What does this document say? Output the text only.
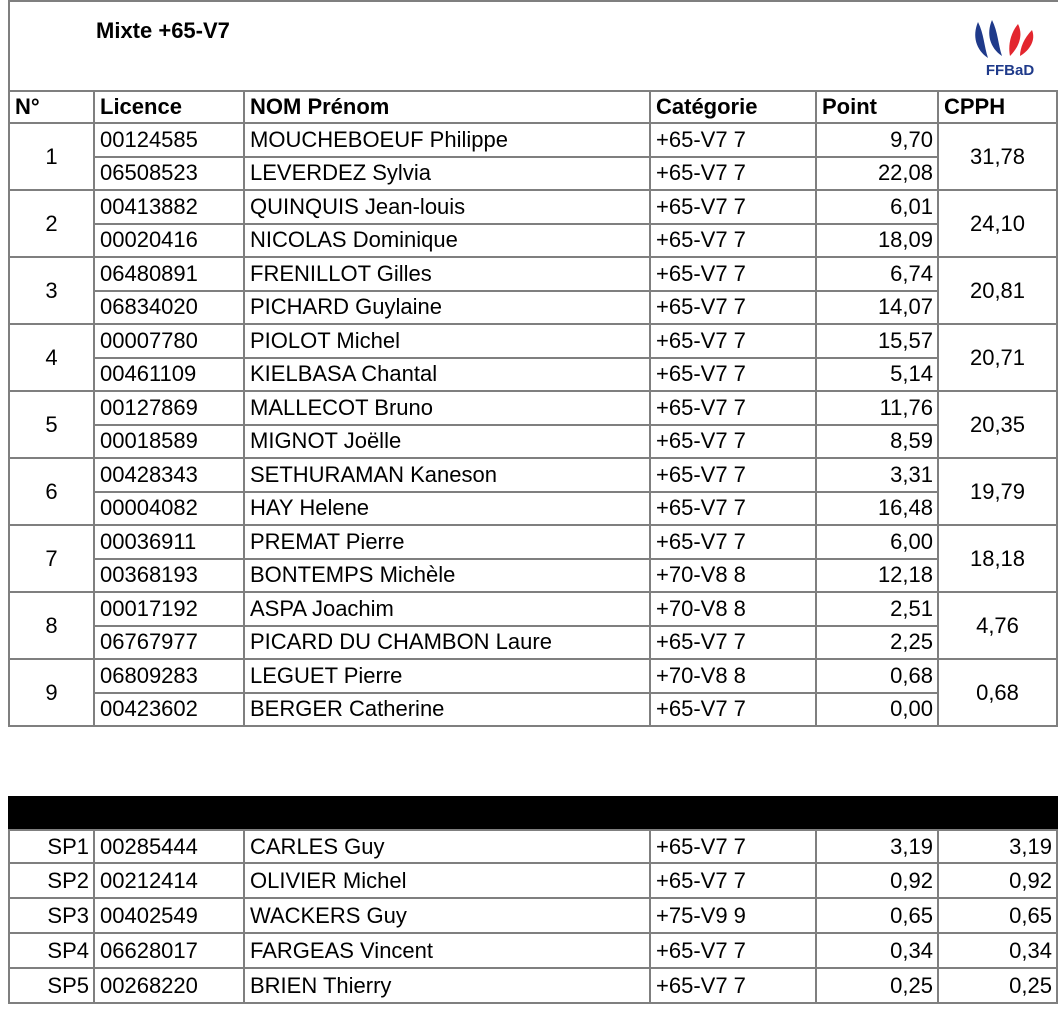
Mixte +65-V7
FFBaD
N°	Licence	NOM Prénom	Catégorie	Point	CPPH
1
00124585	MOUCHEBOEUF Philippe	+65-V7 7	9,70
06508523	LEVERDEZ Sylvia	+65-V7 7	22,08
31,78
2
00413882	QUINQUIS Jean-louis	+65-V7 7	6,01
00020416	NICOLAS Dominique	+65-V7 7	18,09
24,10
3
06480891	FRENILLOT Gilles	+65-V7 7	6,74
06834020	PICHARD Guylaine	+65-V7 7	14,07
20,81
4
00007780	PIOLOT Michel	+65-V7 7	15,57
00461109	KIELBASA Chantal	+65-V7 7	5,14
20,71
5
00127869	MALLECOT Bruno	+65-V7 7	11,76
00018589	MIGNOT Joëlle	+65-V7 7	8,59
20,35
6
00428343	SETHURAMAN Kaneson	+65-V7 7	3,31
00004082	HAY Helene	+65-V7 7	16,48
19,79
7
00036911	PREMAT Pierre	+65-V7 7	6,00
00368193	BONTEMPS Michèle	+70-V8 8	12,18
18,18
8
00017192	ASPA Joachim	+70-V8 8	2,51
06767977	PICARD DU CHAMBON Laure	+65-V7 7	2,25
4,76
9
06809283	LEGUET Pierre	+70-V8 8	0,68
00423602	BERGER Catherine	+65-V7 7	0,00
0,68
SP1 00285444	CARLES Guy	+65-V7 7	3,19	3,19
SP2 00212414	OLIVIER Michel	+65-V7 7	0,92	0,92
SP3 00402549	WACKERS Guy	+75-V9 9	0,65	0,65
SP4 06628017	FARGEAS Vincent	+65-V7 7	0,34	0,34
SP5 00268220	BRIEN Thierry	+65-V7 7	0,25	0,25
